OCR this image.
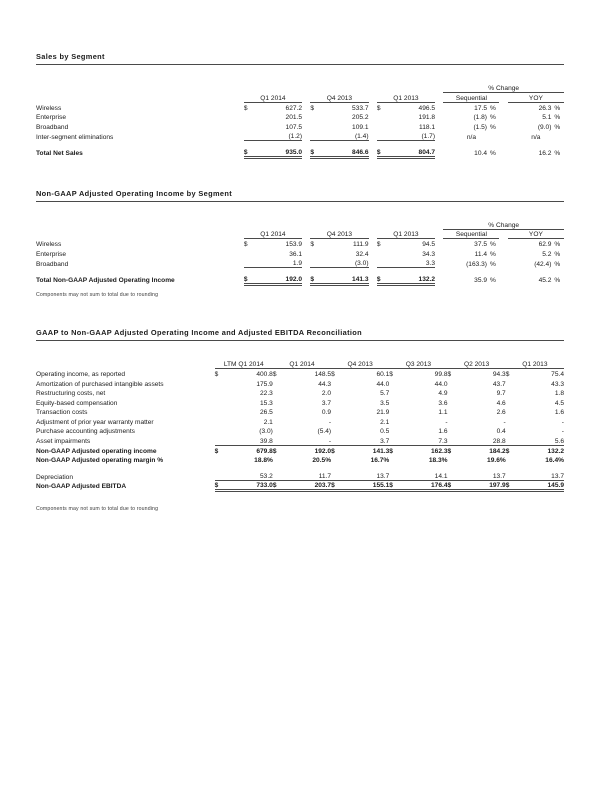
Sales by Segment
										% Change				
	Q1 2014			Q4 2013			Q1 2013			Sequential			YOY	
Wireless	$	627.2		$	533.7		$	496.5		17.5	%		26.3	%
Enterprise		201.5			205.2			191.8		(1.8)	%		5.1	%
Broadband		107.5			109.1			118.1		(1.5)	%		(9.0)	%
Inter-segment eliminations		(1.2)			(1.4)			(1.7)		n/a			n/a	

Total Net Sales	$	935.0		$	846.6		$	804.7		10.4	%		16.2	%
Non-GAAP Adjusted Operating Income by Segment
										% Change				
	Q1 2014			Q4 2013			Q1 2013			Sequential			YOY	
Wireless	$	153.9		$	111.9		$	94.5		37.5	%		62.9	%
Enterprise		36.1			32.4			34.3		11.4	%		5.2	%
Broadband		1.9			(3.0)			3.3		(163.3)	%		(42.4)	%

Total Non-GAAP Adjusted Operating Income	$	192.0		$	141.3		$	132.2		35.9	%		45.2	%
Components may not sum to total due to rounding
GAAP to Non-GAAP Adjusted Operating Income and Adjusted EBITDA Reconciliation
	LTM Q1 2014		Q1 2014		Q4 2013		Q3 2013		Q2 2013		Q1 2013	
Operating income, as reported	$	400.8	$	148.5	$	60.1	$	99.8	$	94.3	$	75.4
Amortization of purchased intangible assets		175.9		44.3		44.0		44.0		43.7		43.3
Restructuring costs, net		22.3		2.0		5.7		4.9		9.7		1.8
Equity-based compensation		15.3		3.7		3.5		3.6		4.6		4.5
Transaction costs		26.5		0.9		21.9		1.1		2.6		1.6
Adjustment of prior year warranty matter		2.1		-		2.1		-		-		-
Purchase accounting adjustments		(3.0)		(5.4)		0.5		1.6		0.4		-
Asset impairments		39.8		-		3.7		7.3		28.8		5.6
Non-GAAP Adjusted operating income	$	679.8	$	192.0	$	141.3	$	162.3	$	184.2	$	132.2
Non-GAAP Adjusted operating margin %		18.8%		20.5%		16.7%		18.3%		19.6%		16.4%

Depreciation		53.2		11.7		13.7		14.1		13.7		13.7
Non-GAAP Adjusted EBITDA	$	733.0	$	203.7	$	155.1	$	176.4	$	197.9	$	145.9
Components may not sum to total due to rounding
